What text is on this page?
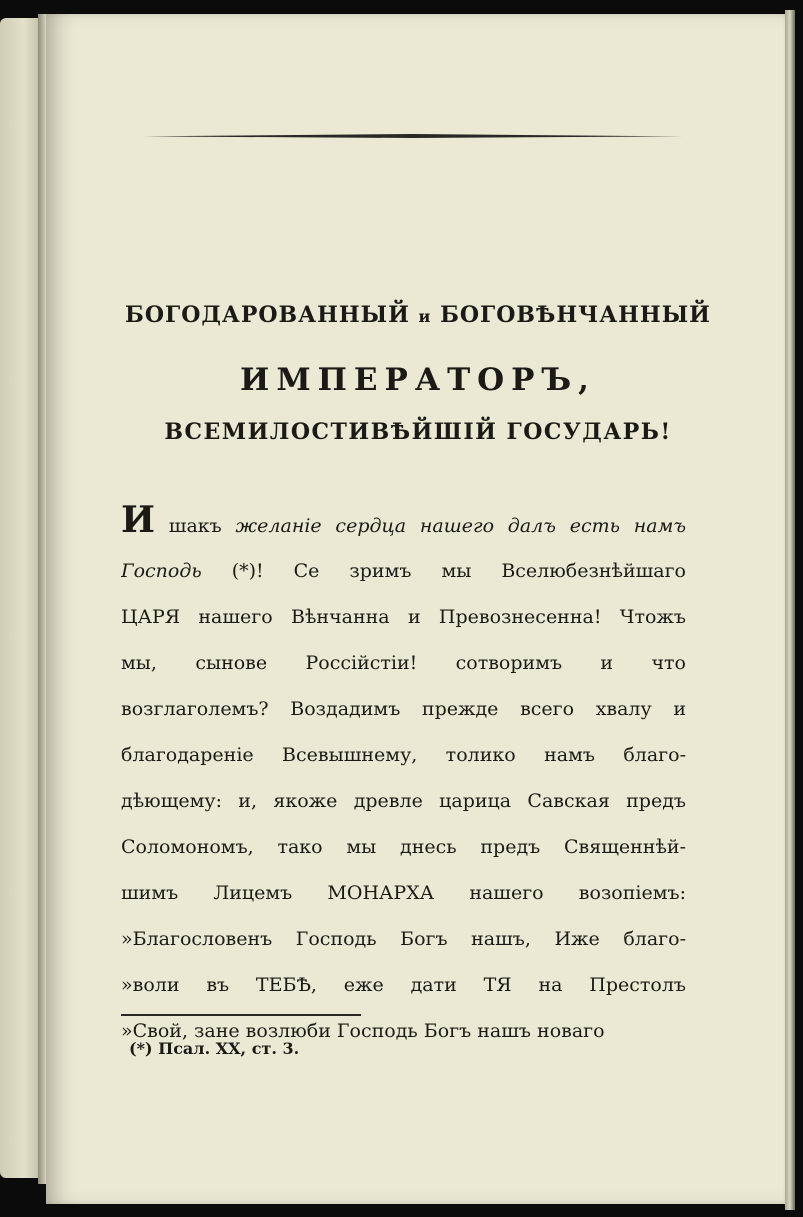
БОГОДАРОВАННЫЙ и БОГОВѢНЧАННЫЙ
ИМПЕРАТОРЪ,
ВСЕМИЛОСТИВѢЙШІЙ ГОСУДАРЬ!
И шакъ желаніе сердца нашего далъ есть намъ
Господь (*)! Се зримъ мы Вселюбезнѣйшаго
ЦАРЯ нашего Вѣнчанна и Превознесенна! Чтожъ
мы, сынове Россійстіи! сотворимъ и что
возглаголемъ? Воздадимъ прежде всего хвалу и
благодареніе Всевышнему, толико намъ благо-
дѣющему: и, якоже древле царица Савская предъ
Соломономъ, тако мы днесь предъ Священнѣй-
шимъ Лицемъ МОНАРХА нашего возопіемъ:
»Благословенъ Господь Богъ нашъ, Иже благо-
»воли въ ТЕБѢ, еже дати ТЯ на Престолъ
»Свой, зане возлюби Господь Богъ нашъ новаго
(*) Псал. XX, ст. 3.
